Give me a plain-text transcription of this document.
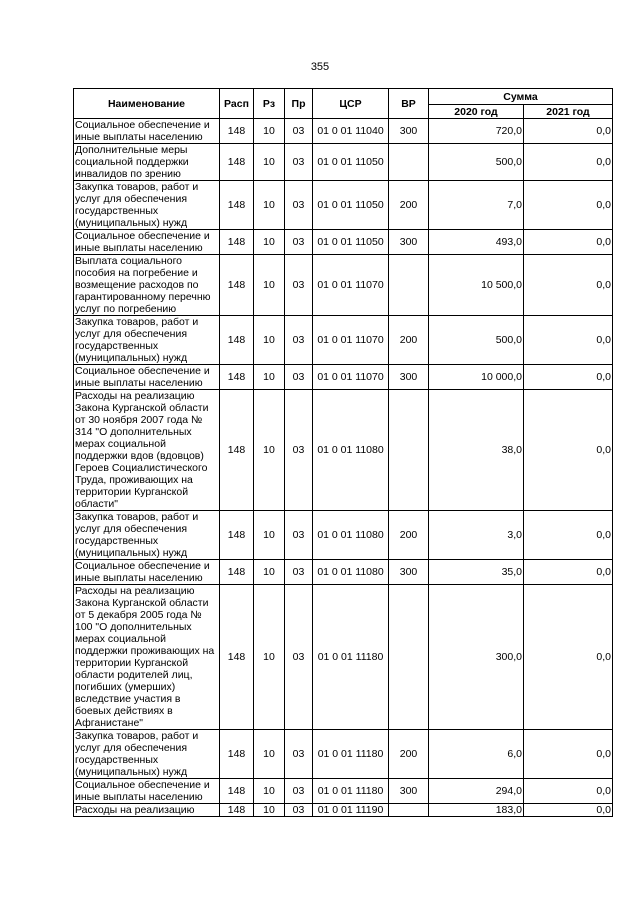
355
Наименование	Расп	Рз	Пр	ЦСР	ВР	Сумма	
						2020 год	2021 год
Социальное обеспечение и иные выплаты населению	148	10	03	01 0 01 11040	300	720,0	0,0
Дополнительные меры социальной поддержки инвалидов по зрению	148	10	03	01 0 01 11050		500,0	0,0
Закупка товаров, работ и услуг для обеспечения государственных (муниципальных) нужд	148	10	03	01 0 01 11050	200	7,0	0,0
Социальное обеспечение и иные выплаты населению	148	10	03	01 0 01 11050	300	493,0	0,0
Выплата социального пособия на погребение и возмещение расходов по гарантированному перечню услуг по погребению	148	10	03	01 0 01 11070		10 500,0	0,0
Закупка товаров, работ и услуг для обеспечения государственных (муниципальных) нужд	148	10	03	01 0 01 11070	200	500,0	0,0
Социальное обеспечение и иные выплаты населению	148	10	03	01 0 01 11070	300	10 000,0	0,0
Расходы на реализацию Закона Курганской области от 30 ноября 2007 года № 314 "О дополнительных мерах социальной поддержки вдов (вдовцов) Героев Социалистического Труда, проживающих на территории Курганской области"	148	10	03	01 0 01 11080		38,0	0,0
Закупка товаров, работ и услуг для обеспечения государственных (муниципальных) нужд	148	10	03	01 0 01 11080	200	3,0	0,0
Социальное обеспечение и иные выплаты населению	148	10	03	01 0 01 11080	300	35,0	0,0
Расходы на реализацию Закона Курганской области от 5 декабря 2005 года № 100 "О дополнительных мерах социальной поддержки проживающих на территории Курганской области родителей лиц, погибших (умерших) вследствие участия в боевых действиях в Афганистане"	148	10	03	01 0 01 11180		300,0	0,0
Закупка товаров, работ и услуг для обеспечения государственных (муниципальных) нужд	148	10	03	01 0 01 11180	200	6,0	0,0
Социальное обеспечение и иные выплаты населению	148	10	03	01 0 01 11180	300	294,0	0,0
Расходы на реализацию	148	10	03	01 0 01 11190		183,0	0,0
